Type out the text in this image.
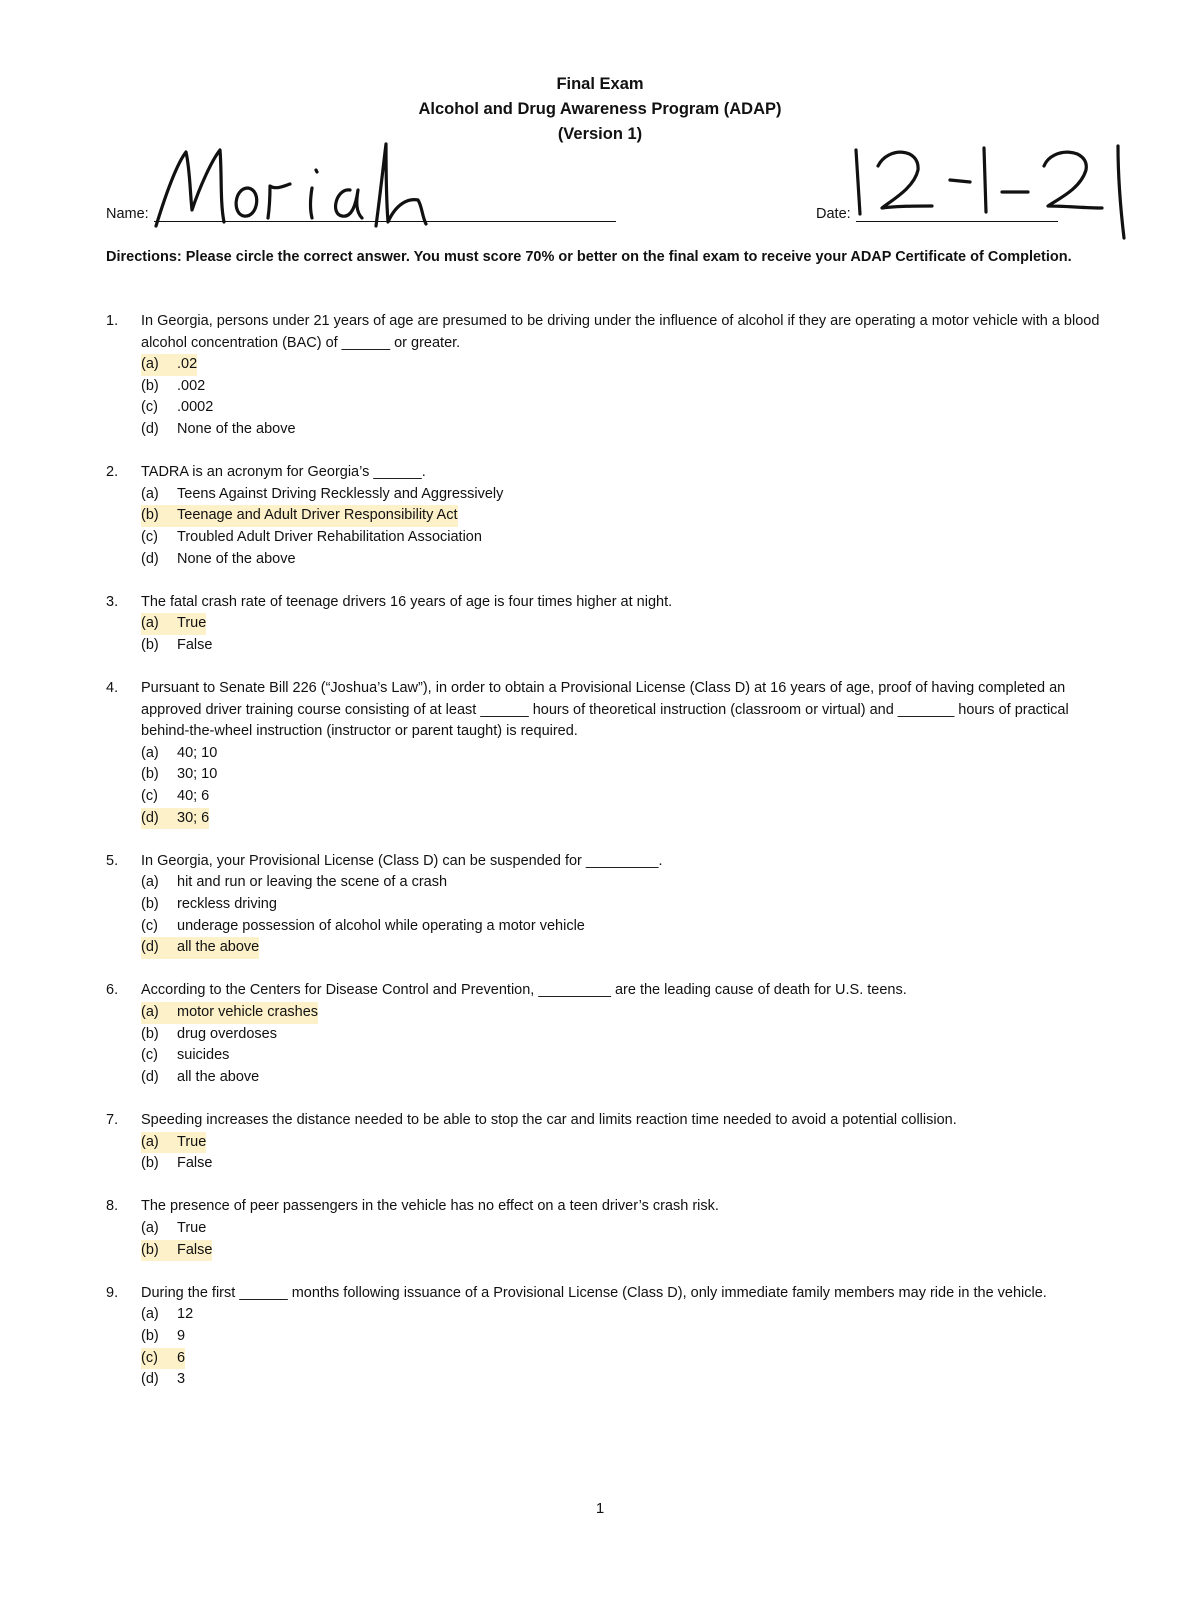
Final Exam
Alcohol and Drug Awareness Program (ADAP)
(Version 1)
Name:	Date:
Directions: Please circle the correct answer. You must score 70% or better on the final exam to receive your ADAP Certificate of Completion.
1. In Georgia, persons under 21 years of age are presumed to be driving under the influence of alcohol if they are operating a motor vehicle with a blood alcohol concentration (BAC) of ______ or greater.
(a) .02
(b) .002
(c) .0002
(d) None of the above
2. TADRA is an acronym for Georgia’s ______.
(a) Teens Against Driving Recklessly and Aggressively
(b) Teenage and Adult Driver Responsibility Act
(c) Troubled Adult Driver Rehabilitation Association
(d) None of the above
3. The fatal crash rate of teenage drivers 16 years of age is four times higher at night.
(a) True
(b) False
4. Pursuant to Senate Bill 226 (“Joshua’s Law”), in order to obtain a Provisional License (Class D) at 16 years of age, proof of having completed an approved driver training course consisting of at least ______ hours of theoretical instruction (classroom or virtual) and _______ hours of practical behind-the-wheel instruction (instructor or parent taught) is required.
(a) 40; 10
(b) 30; 10
(c) 40; 6
(d) 30; 6
5. In Georgia, your Provisional License (Class D) can be suspended for _________.
(a) hit and run or leaving the scene of a crash
(b) reckless driving
(c) underage possession of alcohol while operating a motor vehicle
(d) all the above
6. According to the Centers for Disease Control and Prevention, _________ are the leading cause of death for U.S. teens.
(a) motor vehicle crashes
(b) drug overdoses
(c) suicides
(d) all the above
7. Speeding increases the distance needed to be able to stop the car and limits reaction time needed to avoid a potential collision.
(a) True
(b) False
8. The presence of peer passengers in the vehicle has no effect on a teen driver’s crash risk.
(a) True
(b) False
9. During the first ______ months following issuance of a Provisional License (Class D), only immediate family members may ride in the vehicle.
(a) 12
(b) 9
(c) 6
(d) 3
1
